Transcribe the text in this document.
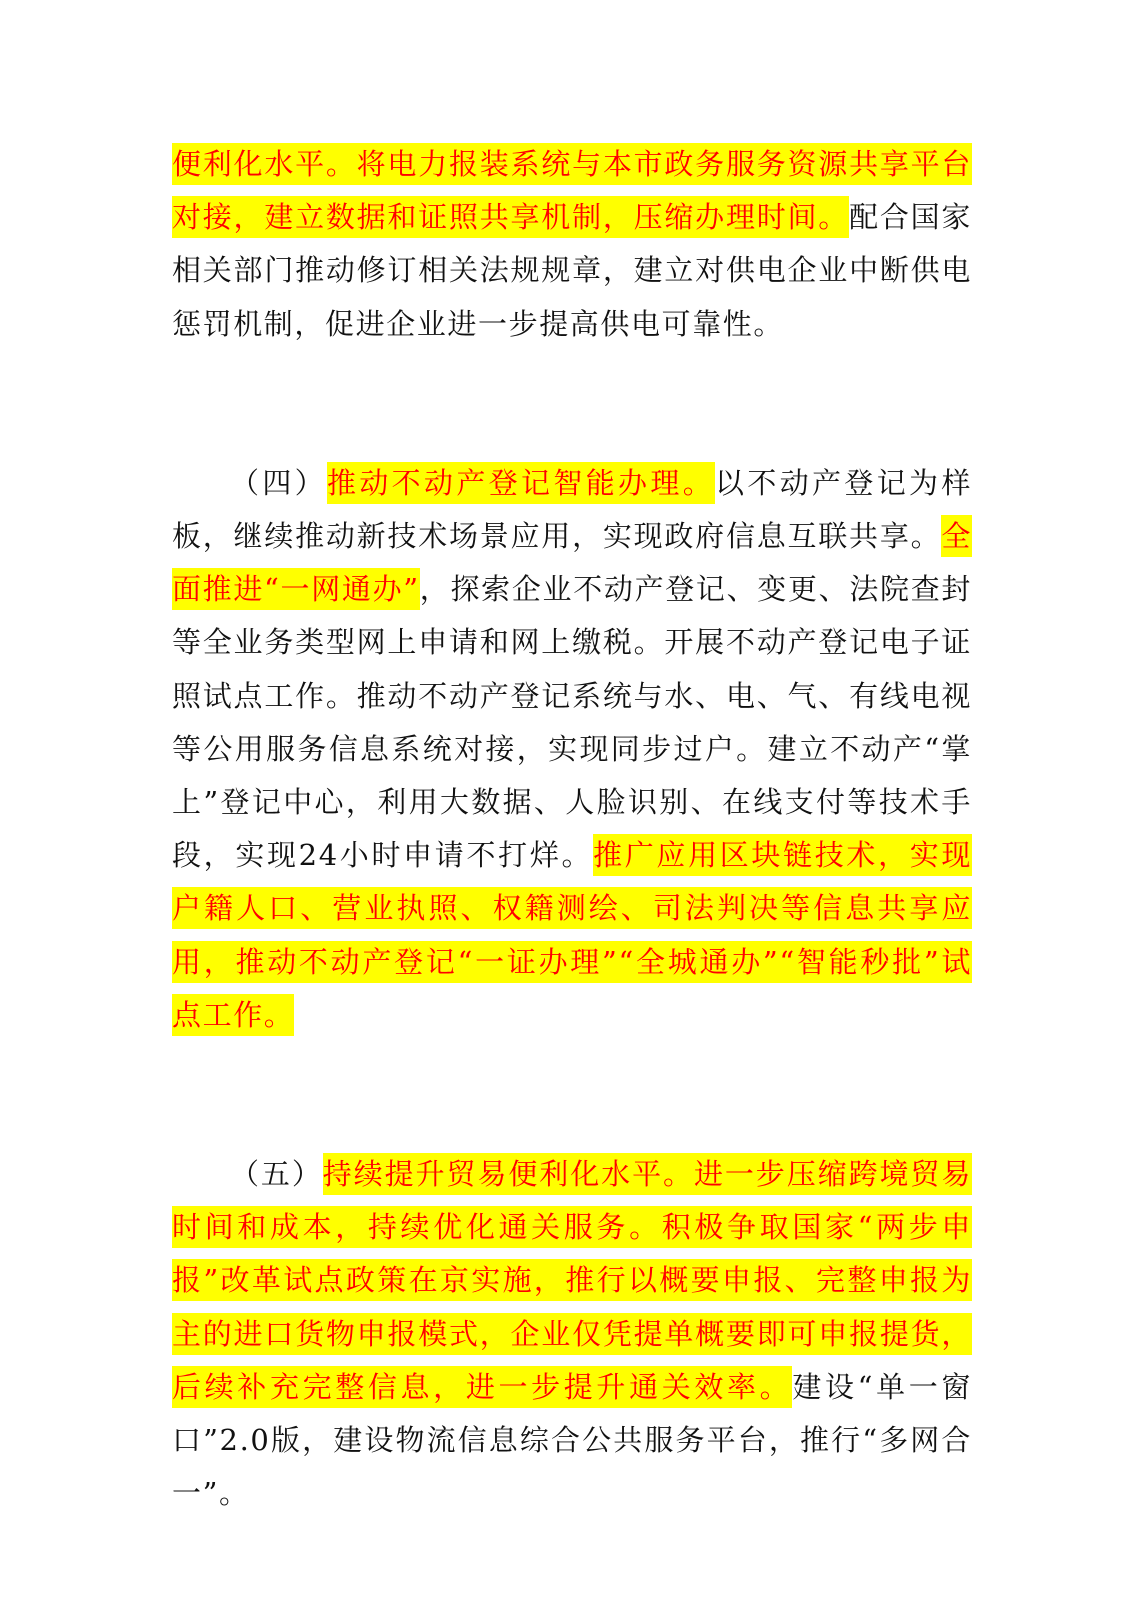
便利化水平。将电力报装系统与本市政务服务资源共享平台对接，建立数据和证照共享机制，压缩办理时间。配合国家相关部门推动修订相关法规规章，建立对供电企业中断供电惩罚机制，促进企业进一步提高供电可靠性。

（四）推动不动产登记智能办理。以不动产登记为样板，继续推动新技术场景应用，实现政府信息互联共享。全面推进“一网通办”，探索企业不动产登记、变更、法院查封等全业务类型网上申请和网上缴税。开展不动产登记电子证照试点工作。推动不动产登记系统与水、电、气、有线电视等公用服务信息系统对接，实现同步过户。建立不动产“掌上”登记中心，利用大数据、人脸识别、在线支付等技术手段，实现24小时申请不打烊。推广应用区块链技术，实现户籍人口、营业执照、权籍测绘、司法判决等信息共享应用，推动不动产登记“一证办理”“全城通办”“智能秒批”试点工作。

（五）持续提升贸易便利化水平。进一步压缩跨境贸易时间和成本，持续优化通关服务。积极争取国家“两步申报”改革试点政策在京实施，推行以概要申报、完整申报为主的进口货物申报模式，企业仅凭提单概要即可申报提货，后续补充完整信息，进一步提升通关效率。建设“单一窗口”2.0版，建设物流信息综合公共服务平台，推行“多网合一”。
